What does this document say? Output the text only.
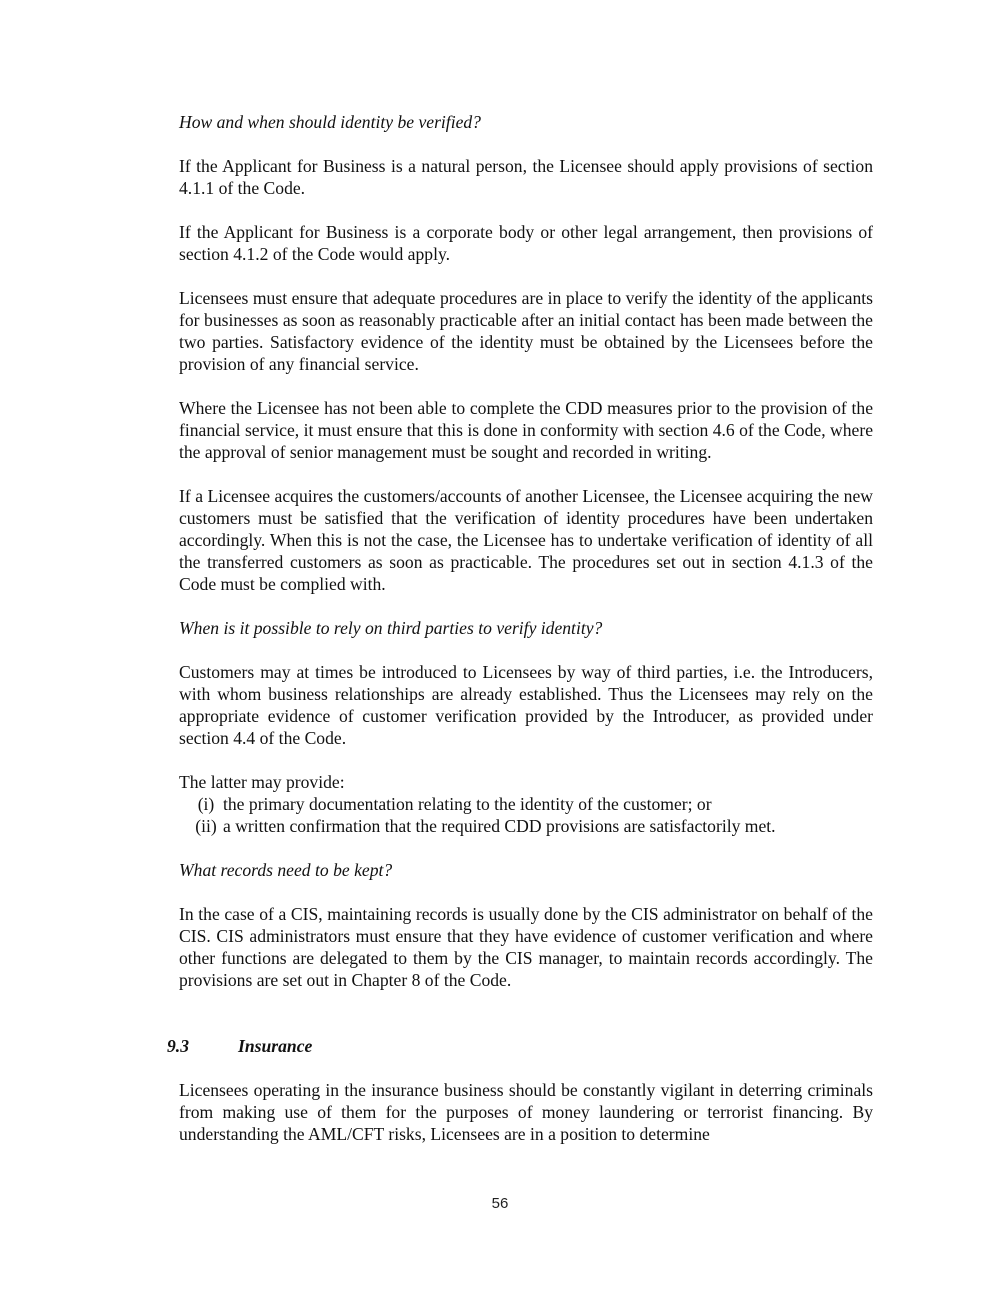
How and when should identity be verified?
If the Applicant for Business is a natural person, the Licensee should apply provisions of section 4.1.1 of the Code.
If the Applicant for Business is a corporate body or other legal arrangement, then provisions of section 4.1.2 of the Code would apply.
Licensees must ensure that adequate procedures are in place to verify the identity of the applicants for businesses as soon as reasonably practicable after an initial contact has been made between the two parties. Satisfactory evidence of the identity must be obtained by the Licensees before the provision of any financial service.
Where the Licensee has not been able to complete the CDD measures prior to the provision of the financial service, it must ensure that this is done in conformity with section 4.6 of the Code, where the approval of senior management must be sought and recorded in writing.
If a Licensee acquires the customers/accounts of another Licensee, the Licensee acquiring the new customers must be satisfied that the verification of identity procedures have been undertaken accordingly. When this is not the case, the Licensee has to undertake verification of identity of all the transferred customers as soon as practicable. The procedures set out in section 4.1.3 of the Code must be complied with.
When is it possible to rely on third parties to verify identity?
Customers may at times be introduced to Licensees by way of third parties, i.e. the Introducers, with whom business relationships are already established. Thus the Licensees may rely on the appropriate evidence of customer verification provided by the Introducer, as provided under section 4.4 of the Code.
The latter may provide:
(i) the primary documentation relating to the identity of the customer; or
(ii) a written confirmation that the required CDD provisions are satisfactorily met.
What records need to be kept?
In the case of a CIS, maintaining records is usually done by the CIS administrator on behalf of the CIS. CIS administrators must ensure that they have evidence of customer verification and where other functions are delegated to them by the CIS manager, to maintain records accordingly. The provisions are set out in Chapter 8 of the Code.
9.3	Insurance
Licensees operating in the insurance business should be constantly vigilant in deterring criminals from making use of them for the purposes of money laundering or terrorist financing. By understanding the AML/CFT risks, Licensees are in a position to determine
56
